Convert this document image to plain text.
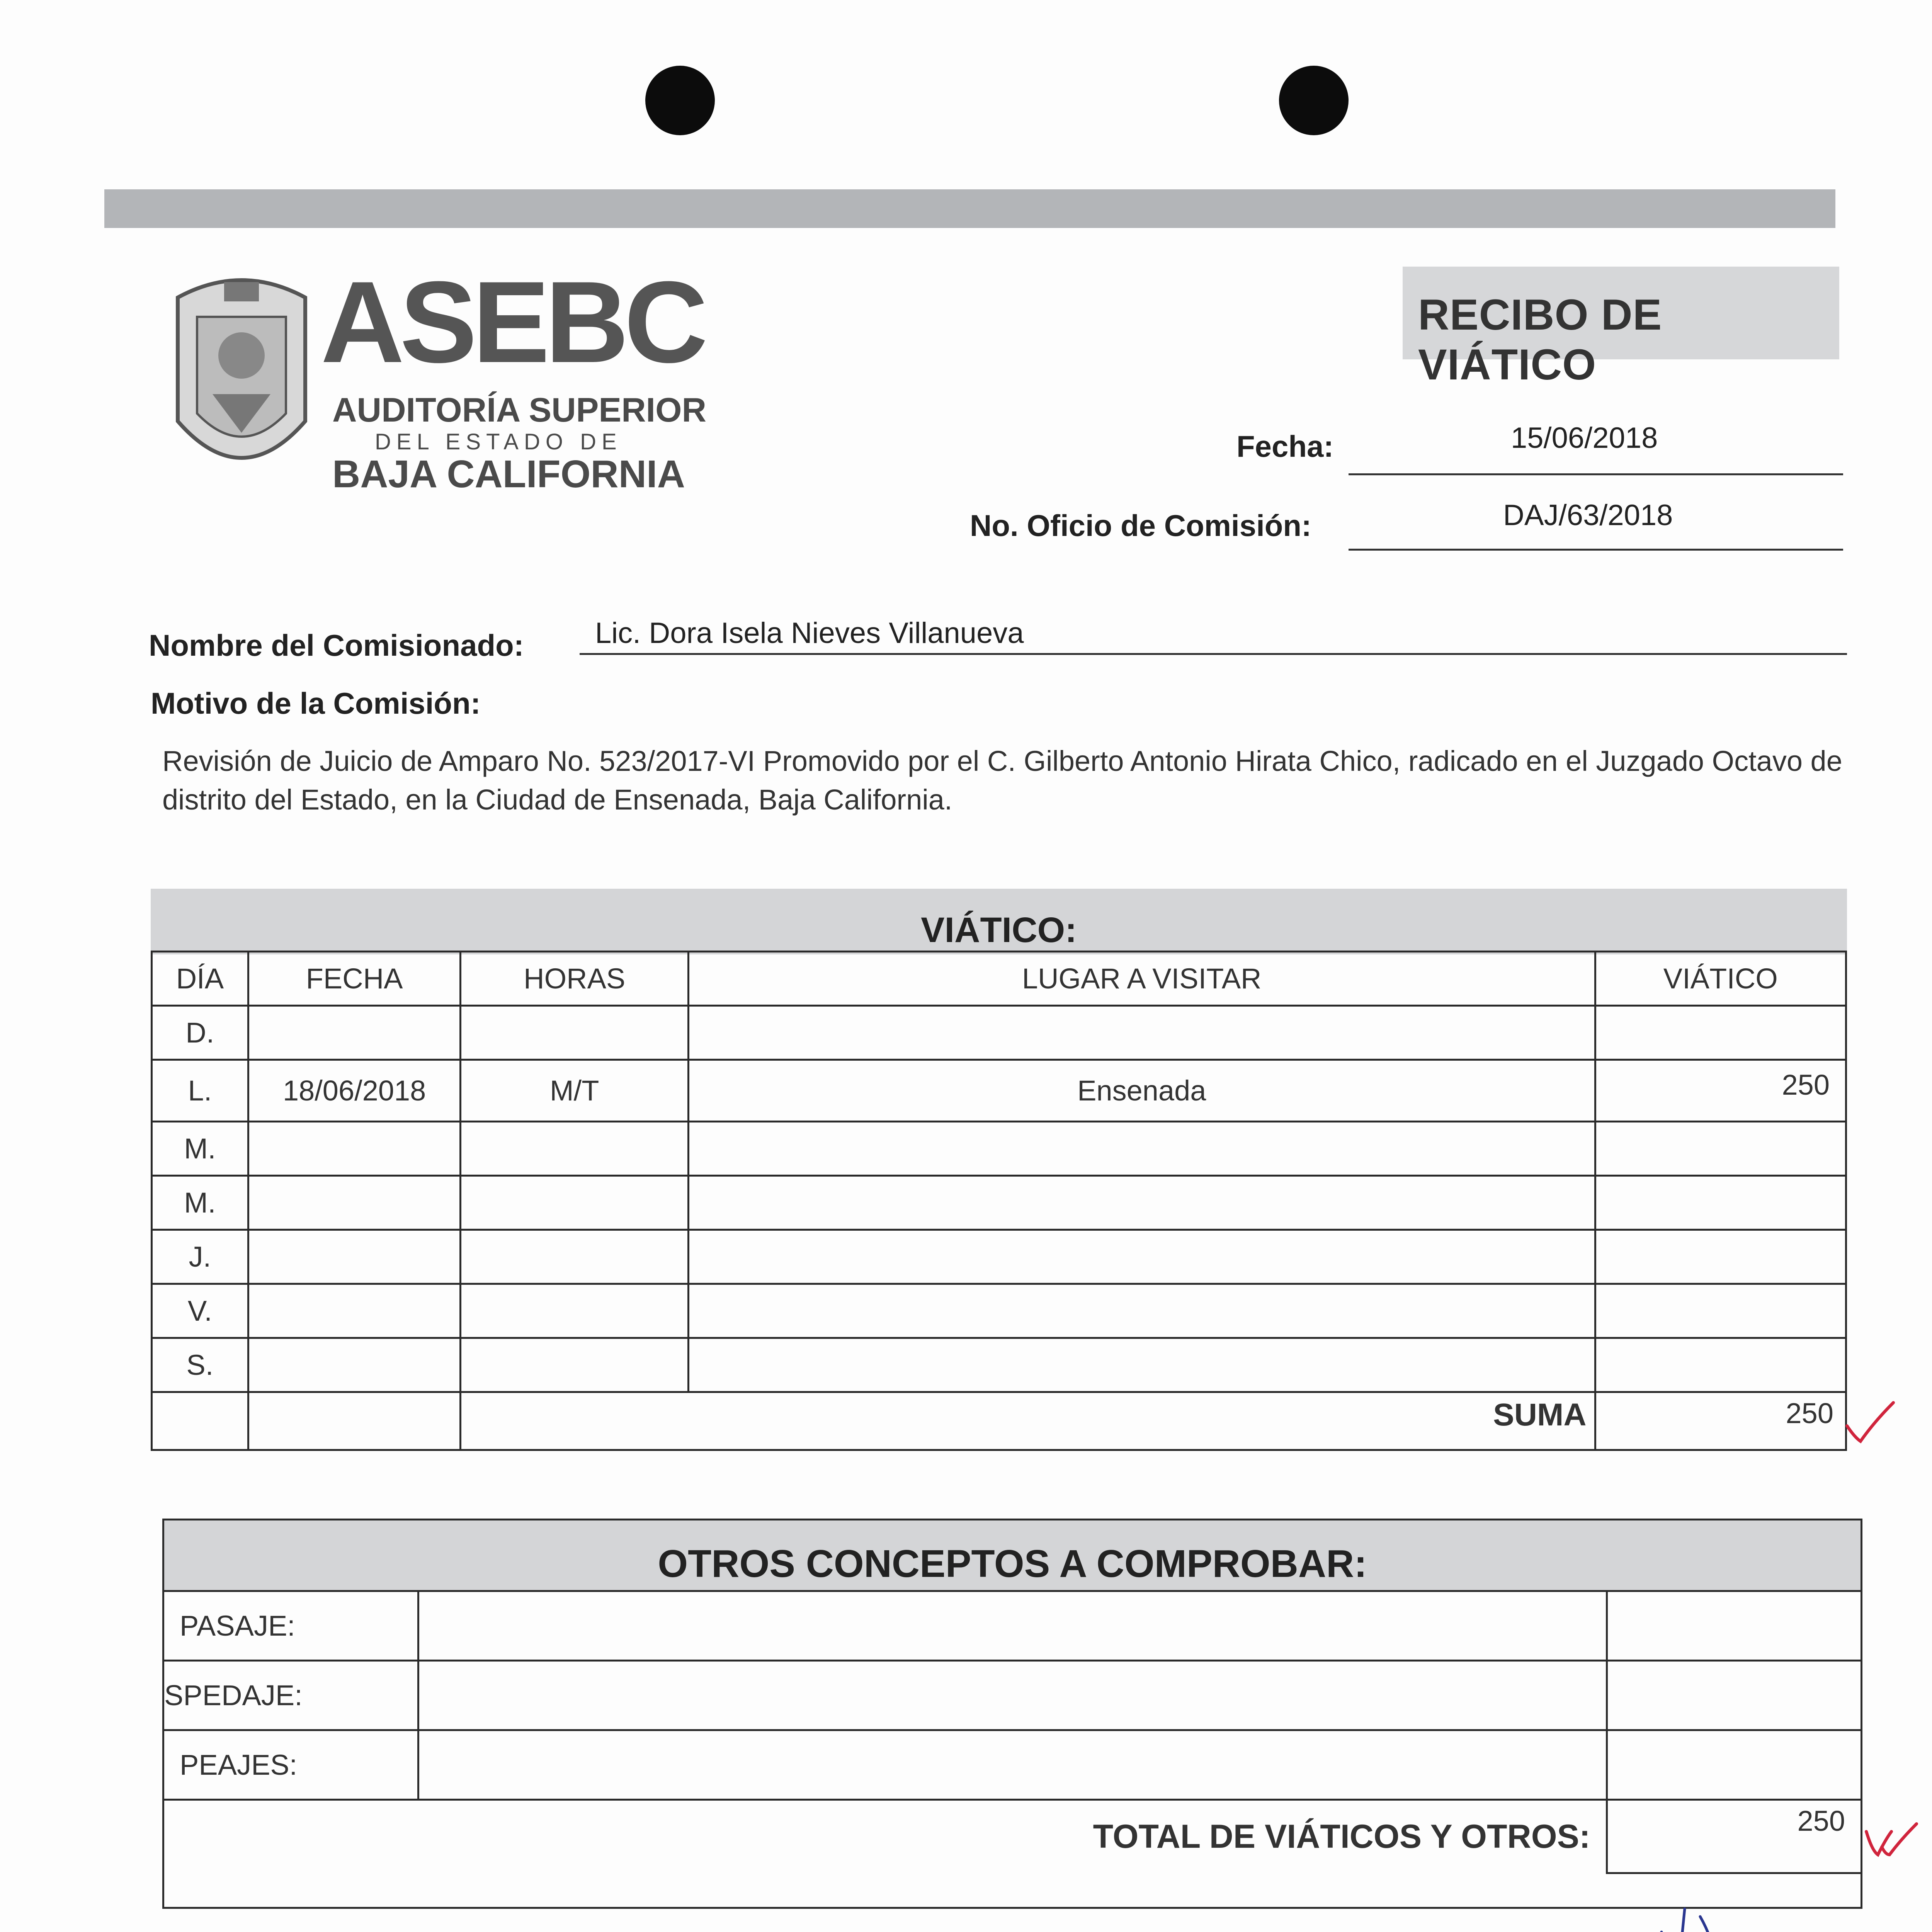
ASEBC
AUDITORÍA SUPERIOR
DEL ESTADO DE
BAJA CALIFORNIA
RECIBO DE VIÁTICO
Fecha:	15/06/2018
No. Oficio de Comisión:	DAJ/63/2018
Nombre del Comisionado: Lic. Dora Isela Nieves Villanueva
Motivo de la Comisión:
Revisión de Juicio de Amparo No. 523/2017-VI Promovido por el C. Gilberto Antonio Hirata Chico, radicado en el Juzgado Octavo de distrito del Estado, en la Ciudad de Ensenada, Baja California.
VIÁTICO:
DÍA	FECHA	HORAS	LUGAR A VISITAR	VIÁTICO
D.				
L.	18/06/2018	M/T	Ensenada	250
M.				
M.				
J.				
V.				
S.				
		SUMA		250
OTROS CONCEPTOS A COMPROBAR:
PASAJE:		
SPEDAJE:		
PEAJES:		
TOTAL DE VIÁTICOS Y OTROS:		250
